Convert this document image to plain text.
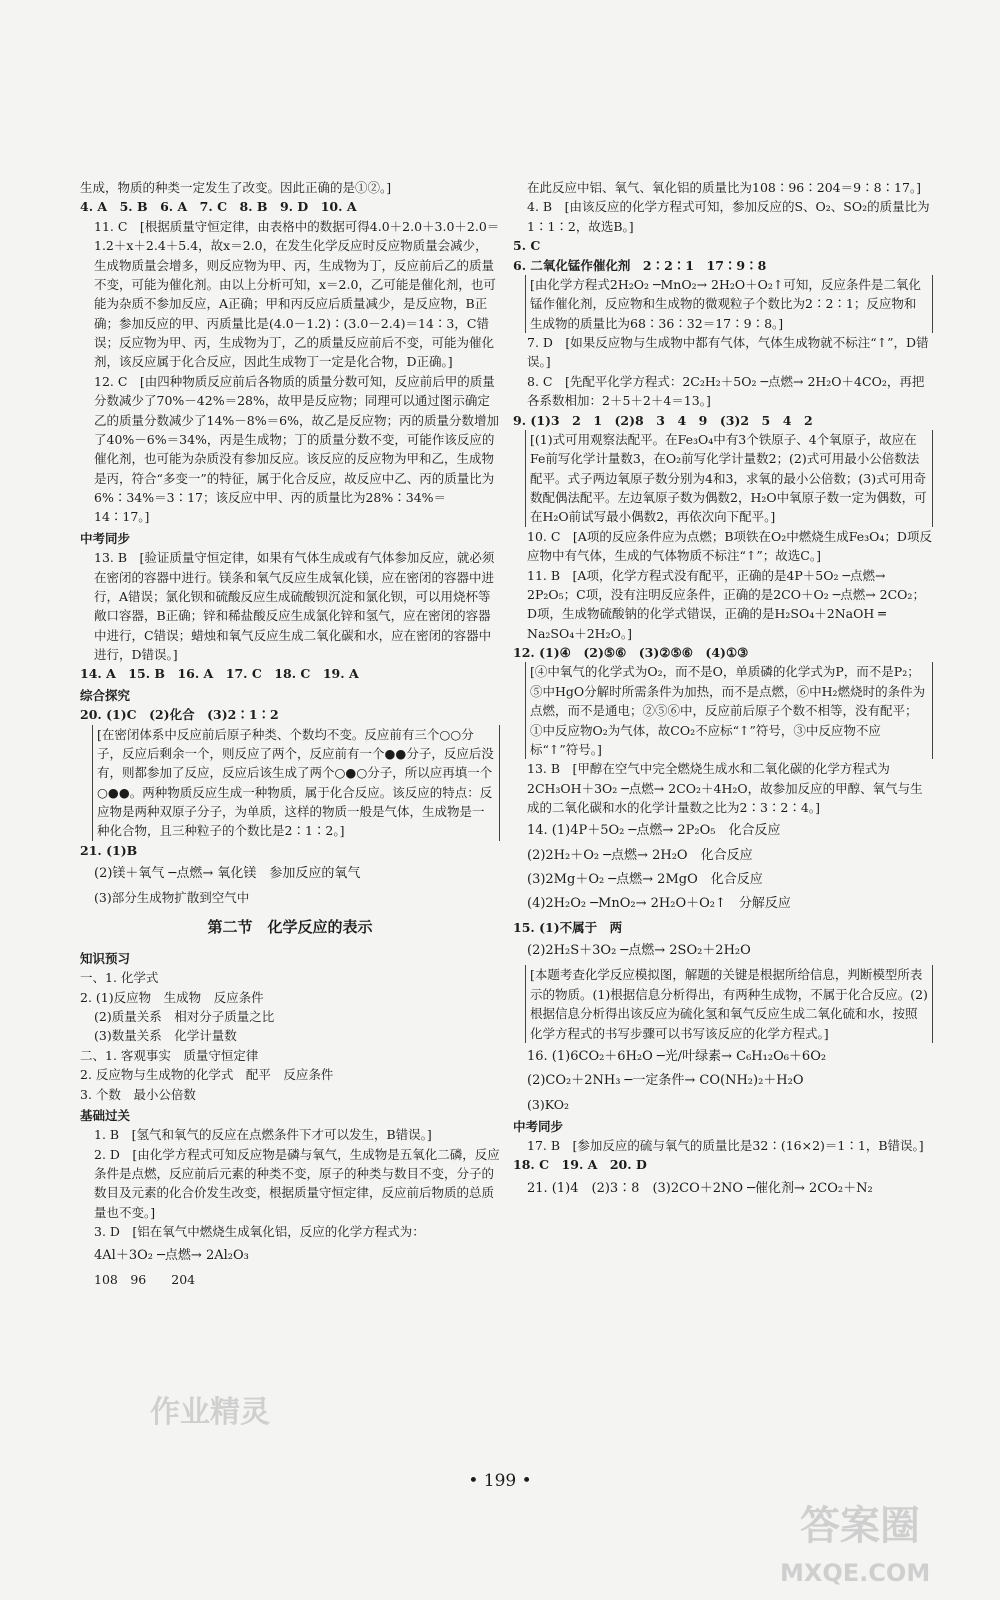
生成，物质的种类一定发生了改变。因此正确的是①②。]
4. A　5. B　6. A　7. C　8. B　9. D　10. A
11. C　[根据质量守恒定律，由表格中的数据可得4.0＋2.0＋3.0＋2.0＝1.2＋x＋2.4＋5.4，故x＝2.0，在发生化学反应时反应物质量会减少，生成物质量会增多，则反应物为甲、丙，生成物为丁，反应前后乙的质量不变，可能为催化剂。由以上分析可知，x＝2.0，乙可能是催化剂，也可能为杂质不参加反应，A正确；甲和丙反应后质量减少，是反应物，B正确；参加反应的甲、丙质量比是(4.0－1.2)∶(3.0－2.4)＝14∶3，C错误；反应物为甲、丙，生成物为丁，乙的质量反应前后不变，可能为催化剂，该反应属于化合反应，因此生成物丁一定是化合物，D正确。]
12. C　[由四种物质反应前后各物质的质量分数可知，反应前后甲的质量分数减少了70%－42%＝28%，故甲是反应物；同理可以通过图示确定乙的质量分数减少了14%－8%＝6%，故乙是反应物；丙的质量分数增加了40%－6%＝34%，丙是生成物；丁的质量分数不变，可能作该反应的催化剂，也可能为杂质没有参加反应。该反应的反应物为甲和乙，生成物是丙，符合“多变一”的特征，属于化合反应，故反应中乙、丙的质量比为6%∶34%＝3∶17；该反应中甲、丙的质量比为28%∶34%＝14∶17。]
中考同步
13. B　[验证质量守恒定律，如果有气体生成或有气体参加反应，就必须在密闭的容器中进行。镁条和氧气反应生成氧化镁，应在密闭的容器中进行，A错误；氯化钡和硫酸反应生成硫酸钡沉淀和氯化钡，可以用烧杯等敞口容器，B正确；锌和稀盐酸反应生成氯化锌和氢气，应在密闭的容器中进行，C错误；蜡烛和氧气反应生成二氧化碳和水，应在密闭的容器中进行，D错误。]
14. A　15. B　16. A　17. C　18. C　19. A
综合探究
20. (1)C　(2)化合　(3)2∶1∶2
[在密闭体系中反应前后原子种类、个数均不变。反应前有三个○○分子，反应后剩余一个，则反应了两个，反应前有一个●●分子，反应后没有，则都参加了反应，反应后该生成了两个○●○分子，所以应再填一个○●●。两种物质反应生成一种物质，属于化合反应。该反应的特点：反应物是两种双原子分子，为单质，这样的物质一般是气体，生成物是一种化合物，且三种粒子的个数比是2∶1∶2。]
21. (1)B
(2)镁＋氧气 ─点燃→ 氧化镁　参加反应的氧气
(3)部分生成物扩散到空气中
第二节　化学反应的表示
知识预习
一、1. 化学式
2. (1)反应物　生成物　反应条件
(2)质量关系　相对分子质量之比
(3)数量关系　化学计量数
二、1. 客观事实　质量守恒定律
2. 反应物与生成物的化学式　配平　反应条件
3. 个数　最小公倍数
基础过关
1. B　[氢气和氧气的反应在点燃条件下才可以发生，B错误。]
2. D　[由化学方程式可知反应物是磷与氧气，生成物是五氧化二磷，反应条件是点燃，反应前后元素的种类不变，原子的种类与数目不变，分子的数目及元素的化合价发生改变，根据质量守恒定律，反应前后物质的总质量也不变。]
3. D　[铝在氧气中燃烧生成氧化铝，反应的化学方程式为：
4Al＋3O₂ ─点燃→ 2Al₂O₃
108　96　　204
在此反应中铝、氧气、氧化铝的质量比为108∶96∶204＝9∶8∶17。]
4. B　[由该反应的化学方程式可知，参加反应的S、O₂、SO₂的质量比为1∶1∶2，故选B。]
5. C
6. 二氧化锰作催化剂　2∶2∶1　17∶9∶8
[由化学方程式2H₂O₂ ─MnO₂→ 2H₂O＋O₂↑可知，反应条件是二氧化锰作催化剂，反应物和生成物的微观粒子个数比为2∶2∶1；反应物和生成物的质量比为68∶36∶32＝17∶9∶8。]
7. D　[如果反应物与生成物中都有气体，气体生成物就不标注“↑”，D错误。]
8. C　[先配平化学方程式：2C₂H₂＋5O₂ ─点燃→ 2H₂O＋4CO₂，再把各系数相加：2＋5＋2＋4＝13。]
9. (1)3　2　1　(2)8　3　4　9　(3)2　5　4　2
[(1)式可用观察法配平。在Fe₃O₄中有3个铁原子、4个氧原子，故应在Fe前写化学计量数3，在O₂前写化学计量数2；(2)式可用最小公倍数法配平。式子两边氧原子数分别为4和3，求氧的最小公倍数；(3)式可用奇数配偶法配平。左边氧原子数为偶数2，H₂O中氧原子数一定为偶数，可在H₂O前试写最小偶数2，再依次向下配平。]
10. C　[A项的反应条件应为点燃；B项铁在O₂中燃烧生成Fe₃O₄；D项反应物中有气体，生成的气体物质不标注“↑”；故选C。]
11. B　[A项，化学方程式没有配平，正确的是4P＋5O₂ ─点燃→ 2P₂O₅；C项，没有注明反应条件，正确的是2CO＋O₂ ─点燃→ 2CO₂；D项，生成物硫酸钠的化学式错误，正确的是H₂SO₄＋2NaOH ═ Na₂SO₄＋2H₂O。]
12. (1)④　(2)⑤⑥　(3)②⑤⑥　(4)①③
[④中氧气的化学式为O₂，而不是O，单质磷的化学式为P，而不是P₂；⑤中HgO分解时所需条件为加热，而不是点燃，⑥中H₂燃烧时的条件为点燃，而不是通电；②⑤⑥中，反应前后原子个数不相等，没有配平；①中反应物O₂为气体，故CO₂不应标“↑”符号，③中反应物不应标“↑”符号。]
13. B　[甲醇在空气中完全燃烧生成水和二氧化碳的化学方程式为2CH₃OH＋3O₂ ─点燃→ 2CO₂＋4H₂O，故参加反应的甲醇、氧气与生成的二氧化碳和水的化学计量数之比为2∶3∶2∶4。]
14. (1)4P＋5O₂ ─点燃→ 2P₂O₅　化合反应
(2)2H₂＋O₂ ─点燃→ 2H₂O　化合反应
(3)2Mg＋O₂ ─点燃→ 2MgO　化合反应
(4)2H₂O₂ ─MnO₂→ 2H₂O＋O₂↑　分解反应
15. (1)不属于　两
(2)2H₂S＋3O₂ ─点燃→ 2SO₂＋2H₂O
[本题考查化学反应模拟图，解题的关键是根据所给信息，判断模型所表示的物质。(1)根据信息分析得出，有两种生成物，不属于化合反应。(2)根据信息分析得出该反应为硫化氢和氧气反应生成二氧化硫和水，按照化学方程式的书写步骤可以书写该反应的化学方程式。]
16. (1)6CO₂＋6H₂O ─光/叶绿素→ C₆H₁₂O₆＋6O₂
(2)CO₂＋2NH₃ ─一定条件→ CO(NH₂)₂＋H₂O
(3)KO₂
中考同步
17. B　[参加反应的硫与氧气的质量比是32∶(16×2)＝1∶1，B错误。]
18. C　19. A　20. D
21. (1)4　(2)3∶8　(3)2CO＋2NO ─催化剂→ 2CO₂＋N₂
• 199 •
作业精灵
答案圈
MXQE.COM
